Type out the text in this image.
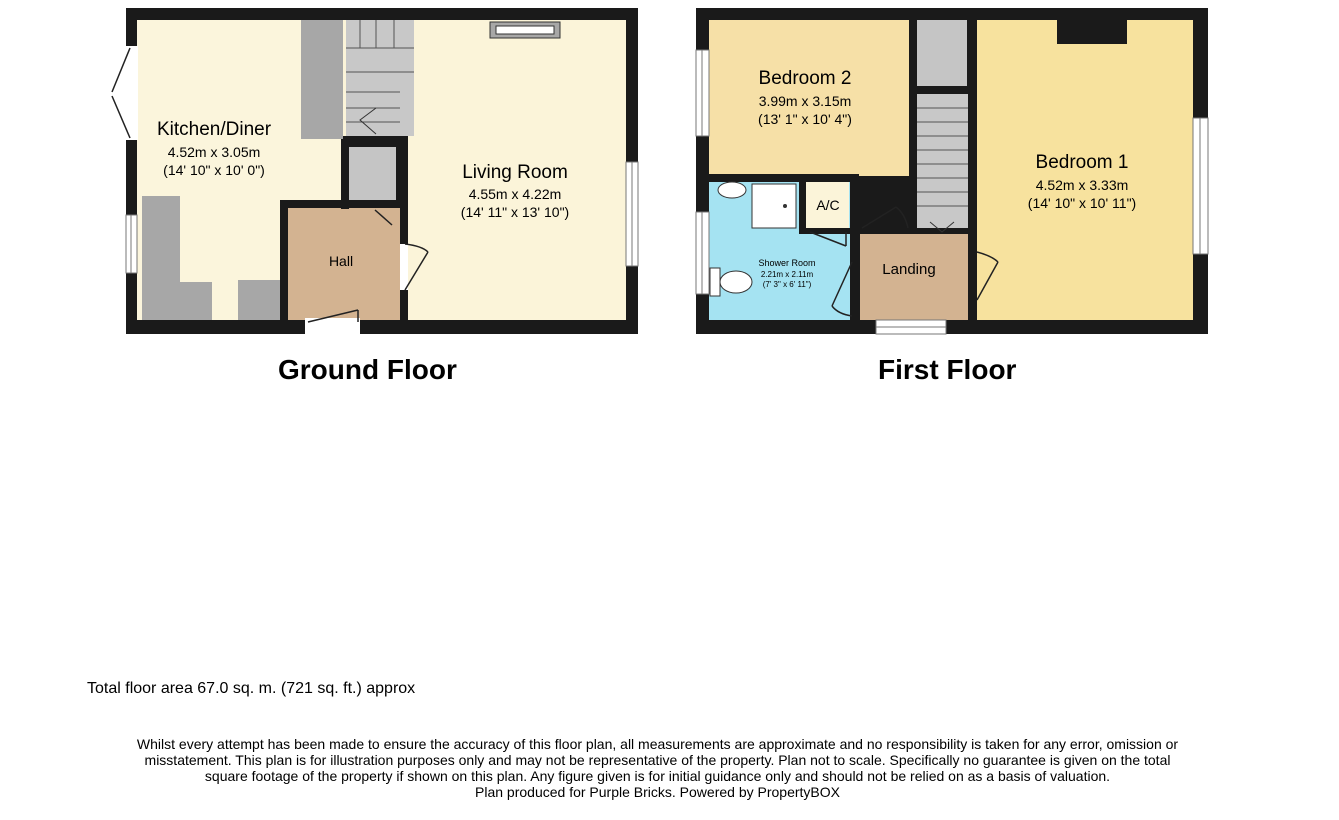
Kitchen/Diner
4.52m x 3.05m
(14' 10" x 10' 0")	Living Room
4.55m x 4.22m
(14' 11" x 13' 10")
Hall
Bedroom 2
3.99m x 3.15m
(13' 1" x 10' 4")
Bedroom 1
4.52m x 3.33m
(14' 10" x 10' 11")
A/C
Shower Room
2.21m x 2.11m
(7' 3" x 6' 11")
Landing
Ground Floor	First Floor
Total floor area 67.0 sq. m. (721 sq. ft.) approx
Whilst every attempt has been made to ensure the accuracy of this floor plan, all measurements are approximate and no responsibility is taken for any error, omission or
misstatement. This plan is for illustration purposes only and may not be representative of the property. Plan not to scale. Specifically no guarantee is given on the total
square footage of the property if shown on this plan. Any figure given is for initial guidance only and should not be relied on as a basis of valuation.
Plan produced for Purple Bricks. Powered by PropertyBOX
